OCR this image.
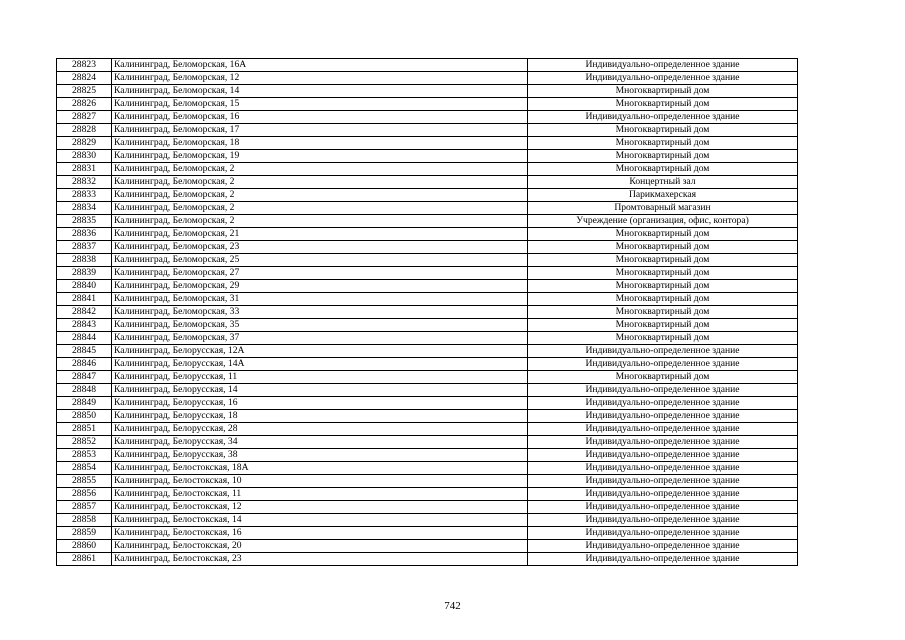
28823	Калининград, Беломорская, 16А	Индивидуально-определенное здание
28824	Калининград, Беломорская, 12	Индивидуально-определенное здание
28825	Калининград, Беломорская, 14	Многоквартирный дом
28826	Калининград, Беломорская, 15	Многоквартирный дом
28827	Калининград, Беломорская, 16	Индивидуально-определенное здание
28828	Калининград, Беломорская, 17	Многоквартирный дом
28829	Калининград, Беломорская, 18	Многоквартирный дом
28830	Калининград, Беломорская, 19	Многоквартирный дом
28831	Калининград, Беломорская, 2	Многоквартирный дом
28832	Калининград, Беломорская, 2	Концертный зал
28833	Калининград, Беломорская, 2	Парикмахерская
28834	Калининград, Беломорская, 2	Промтоварный магазин
28835	Калининград, Беломорская, 2	Учреждение (организация, офис, контора)
28836	Калининград, Беломорская, 21	Многоквартирный дом
28837	Калининград, Беломорская, 23	Многоквартирный дом
28838	Калининград, Беломорская, 25	Многоквартирный дом
28839	Калининград, Беломорская, 27	Многоквартирный дом
28840	Калининград, Беломорская, 29	Многоквартирный дом
28841	Калининград, Беломорская, 31	Многоквартирный дом
28842	Калининград, Беломорская, 33	Многоквартирный дом
28843	Калининград, Беломорская, 35	Многоквартирный дом
28844	Калининград, Беломорская, 37	Многоквартирный дом
28845	Калининград, Белорусская, 12А	Индивидуально-определенное здание
28846	Калининград, Белорусская, 14А	Индивидуально-определенное здание
28847	Калининград, Белорусская, 11	Многоквартирный дом
28848	Калининград, Белорусская, 14	Индивидуально-определенное здание
28849	Калининград, Белорусская, 16	Индивидуально-определенное здание
28850	Калининград, Белорусская, 18	Индивидуально-определенное здание
28851	Калининград, Белорусская, 28	Индивидуально-определенное здание
28852	Калининград, Белорусская, 34	Индивидуально-определенное здание
28853	Калининград, Белорусская, 38	Индивидуально-определенное здание
28854	Калининград, Белостокская, 18А	Индивидуально-определенное здание
28855	Калининград, Белостокская, 10	Индивидуально-определенное здание
28856	Калининград, Белостокская, 11	Индивидуально-определенное здание
28857	Калининград, Белостокская, 12	Индивидуально-определенное здание
28858	Калининград, Белостокская, 14	Индивидуально-определенное здание
28859	Калининград, Белостокская, 16	Индивидуально-определенное здание
28860	Калининград, Белостокская, 20	Индивидуально-определенное здание
28861	Калининград, Белостокская, 23	Индивидуально-определенное здание
742
